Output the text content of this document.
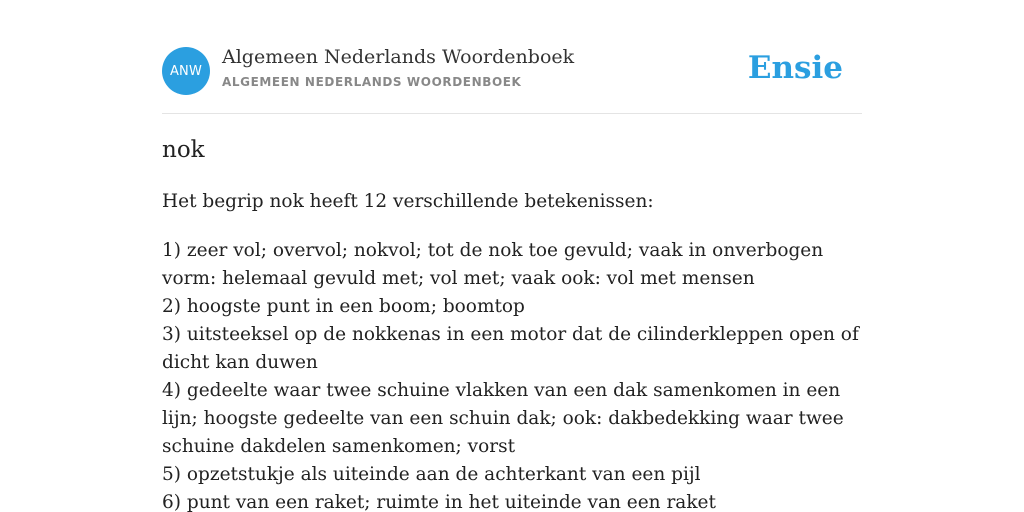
ANW
Algemeen Nederlands Woordenboek
ALGEMEEN NEDERLANDS WOORDENBOEK	Ensie
nok

Het begrip nok heeft 12 verschillende betekenissen:

1) zeer vol; overvol; nokvol; tot de nok toe gevuld; vaak in onverbogen vorm: helemaal gevuld met; vol met; vaak ook: vol met mensen
2) hoogste punt in een boom; boomtop
3) uitsteeksel op de nokkenas in een motor dat de cilinderkleppen open of dicht kan duwen
4) gedeelte waar twee schuine vlakken van een dak samenkomen in een lijn; hoogste gedeelte van een schuin dak; ook: dakbedekking waar twee schuine dakdelen samenkomen; vorst
5) opzetstukje als uiteinde aan de achterkant van een pijl
6) punt van een raket; ruimte in het uiteinde van een raket
